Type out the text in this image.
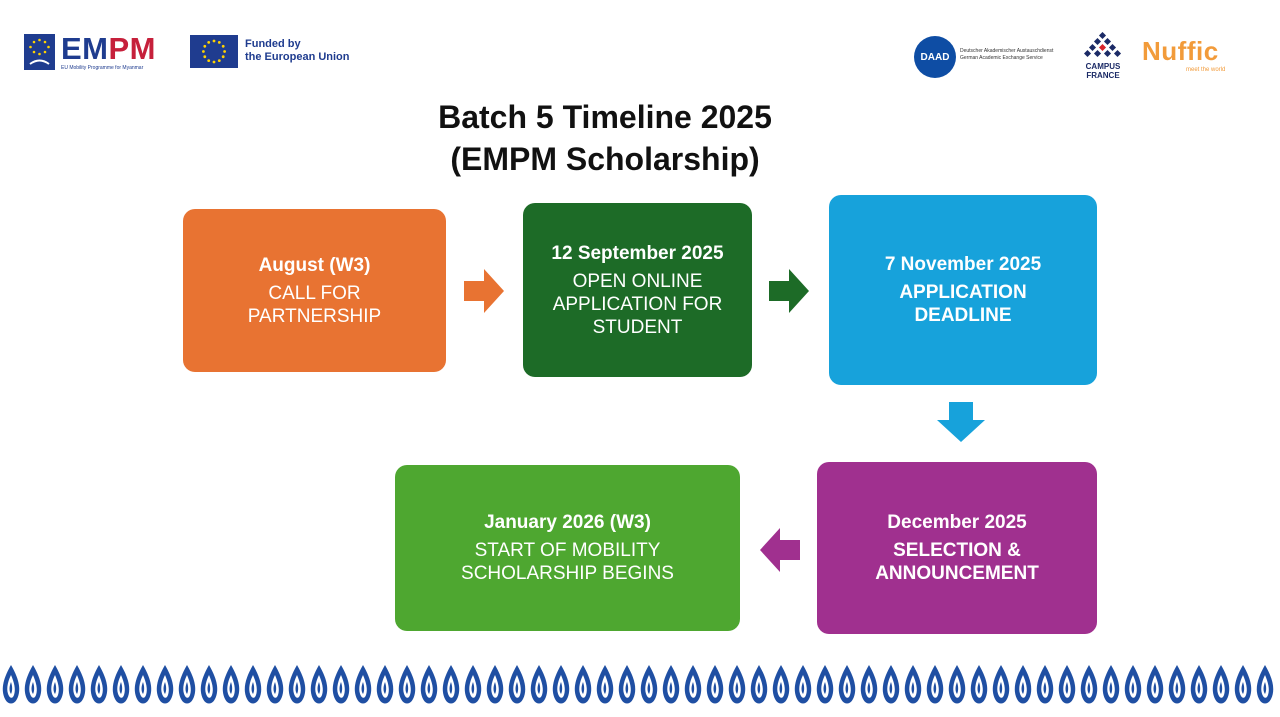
EMPM
EU Mobility Programme for Myanmar
Funded by
the European Union	DAAD
Deutscher Akademischer Austauschdienst
German Academic Exchange Service
CAMPUS
FRANCE
Nuffic
meet the world
Batch 5 Timeline 2025
(EMPM Scholarship)
August (W3)
CALL FOR
PARTNERSHIP
12 September 2025
OPEN ONLINE
APPLICATION FOR
STUDENT
7 November 2025
APPLICATION
DEADLINE
December 2025
SELECTION &
ANNOUNCEMENT
January 2026 (W3)
START OF MOBILITY
SCHOLARSHIP BEGINS
